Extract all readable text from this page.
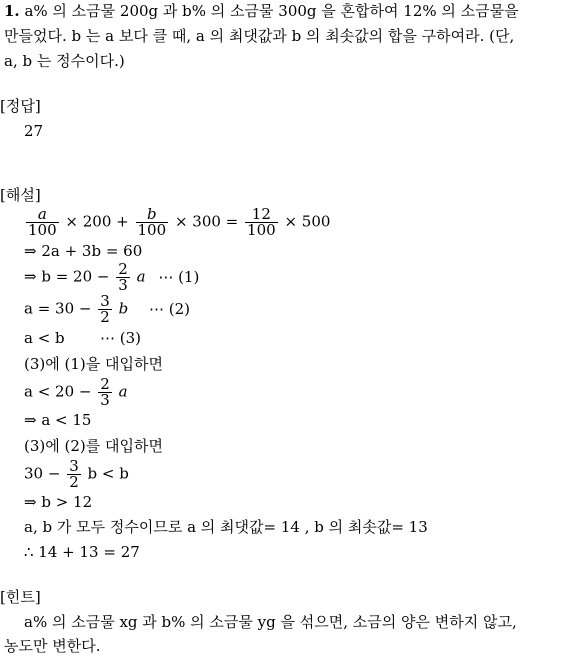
1. a% 의 소금물 200g 과 b% 의 소금물 300g 을 혼합하여 12% 의 소금물을
만들었다. b 는 a 보다 클 때, a 의 최댓값과 b 의 최솟값의 합을 구하여라. (단,
a, b 는 정수이다.)
[정답]
27
[해설]
$\frac{a}{100} \times 200 + \frac{b}{100} \times 300 = \frac{12}{100} \times 500$
⇒ 2a + 3b = 60
⇒ $b = 20 - \frac{2}{3}$ a ⋯ (1)
$a = 30 - \frac{3}{2}$ b ⋯ (2)
a < b ⋯ (3)
(3)에 (1)을 대입하면
$a < 20 - \frac{2}{3}$ a
⇒ a < 15
(3)에 (2)를 대입하면
$30 - \frac{3}{2}$ b < b
⇒ b > 12
a, b 가 모두 정수이므로 a 의 최댓값= 14 , b 의 최솟값= 13
∴ 14 + 13 = 27
[힌트]
a% 의 소금물 xg 과 b% 의 소금물 yg 을 섞으면, 소금의 양은 변하지 않고,
농도만 변한다.
